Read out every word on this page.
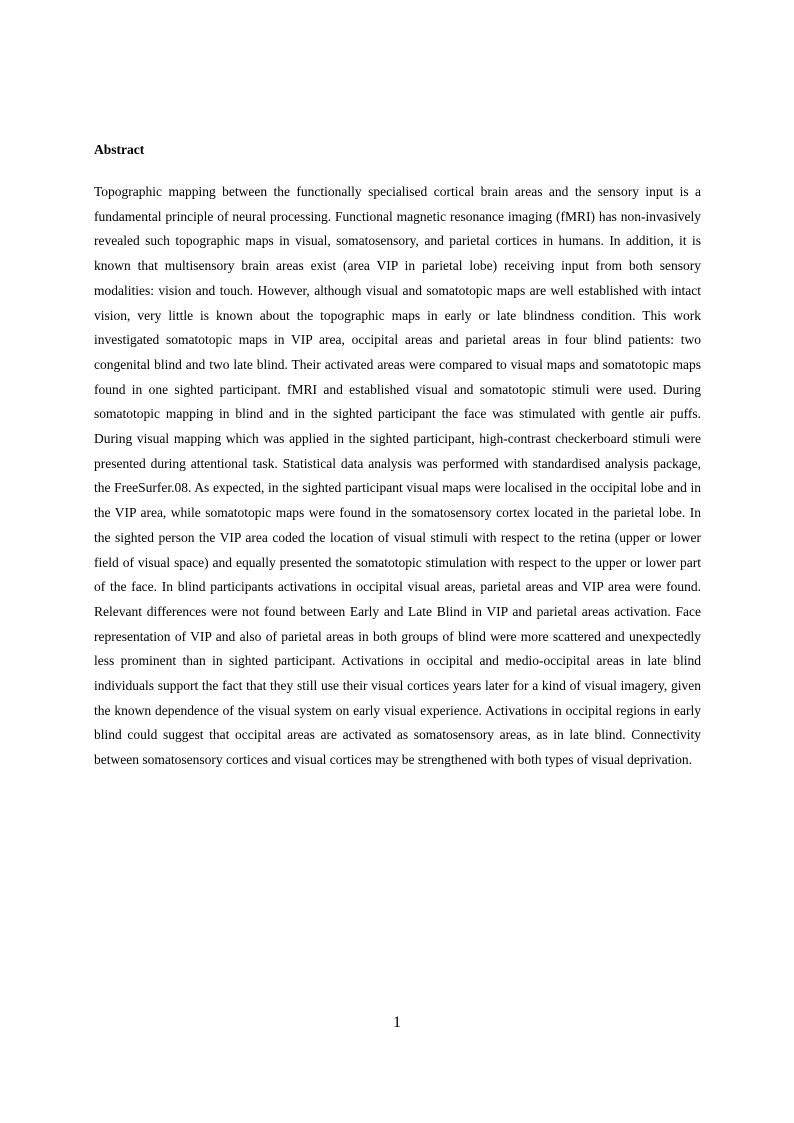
Abstract

Topographic mapping between the functionally specialised cortical brain areas and the sensory input is a fundamental principle of neural processing. Functional magnetic resonance imaging (fMRI) has non-invasively revealed such topographic maps in visual, somatosensory, and parietal cortices in humans. In addition, it is known that multisensory brain areas exist (area VIP in parietal lobe) receiving input from both sensory modalities: vision and touch. However, although visual and somatotopic maps are well established with intact vision, very little is known about the topographic maps in early or late blindness condition. This work investigated somatotopic maps in VIP area, occipital areas and parietal areas in four blind patients: two congenital blind and two late blind. Their activated areas were compared to visual maps and somatotopic maps found in one sighted participant. fMRI and established visual and somatotopic stimuli were used. During somatotopic mapping in blind and in the sighted participant the face was stimulated with gentle air puffs. During visual mapping which was applied in the sighted participant, high-contrast checkerboard stimuli were presented during attentional task. Statistical data analysis was performed with standardised analysis package, the FreeSurfer.08. As expected, in the sighted participant visual maps were localised in the occipital lobe and in the VIP area, while somatotopic maps were found in the somatosensory cortex located in the parietal lobe. In the sighted person the VIP area coded the location of visual stimuli with respect to the retina (upper or lower field of visual space) and equally presented the somatotopic stimulation with respect to the upper or lower part of the face. In blind participants activations in occipital visual areas, parietal areas and VIP area were found. Relevant differences were not found between Early and Late Blind in VIP and parietal areas activation. Face representation of VIP and also of parietal areas in both groups of blind were more scattered and unexpectedly less prominent than in sighted participant. Activations in occipital and medio-occipital areas in late blind individuals support the fact that they still use their visual cortices years later for a kind of visual imagery, given the known dependence of the visual system on early visual experience. Activations in occipital regions in early blind could suggest that occipital areas are activated as somatosensory areas, as in late blind. Connectivity between somatosensory cortices and visual cortices may be strengthened with both types of visual deprivation.

1
